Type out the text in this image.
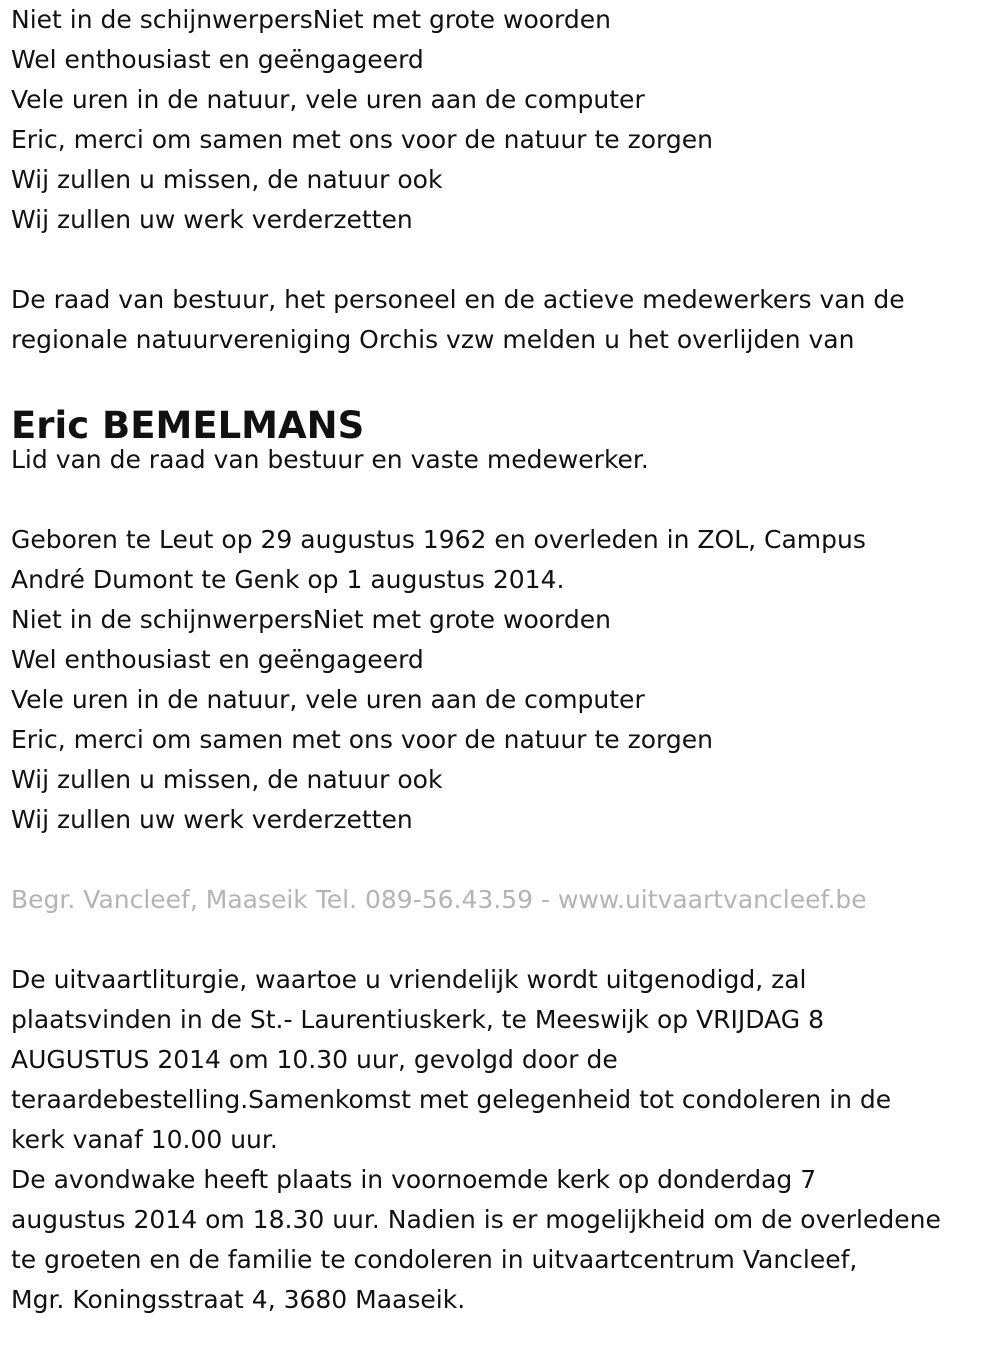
Niet in de schijnwerpersNiet met grote woorden
Wel enthousiast en geëngageerd
Vele uren in de natuur, vele uren aan de computer
Eric, merci om samen met ons voor de natuur te zorgen
Wij zullen u missen, de natuur ook
Wij zullen uw werk verderzetten
De raad van bestuur, het personeel en de actieve medewerkers van de
regionale natuurvereniging Orchis vzw melden u het overlijden van
Eric BEMELMANS
Lid van de raad van bestuur en vaste medewerker.
Geboren te Leut op 29 augustus 1962 en overleden in ZOL, Campus
André Dumont te Genk op 1 augustus 2014.
Niet in de schijnwerpersNiet met grote woorden
Wel enthousiast en geëngageerd
Vele uren in de natuur, vele uren aan de computer
Eric, merci om samen met ons voor de natuur te zorgen
Wij zullen u missen, de natuur ook
Wij zullen uw werk verderzetten
Begr. Vancleef, Maaseik Tel. 089-56.43.59 - www.uitvaartvancleef.be
De uitvaartliturgie, waartoe u vriendelijk wordt uitgenodigd, zal
plaatsvinden in de St.- Laurentiuskerk, te Meeswijk op VRIJDAG 8
AUGUSTUS 2014 om 10.30 uur, gevolgd door de
teraardebestelling.Samenkomst met gelegenheid tot condoleren in de
kerk vanaf 10.00 uur.
De avondwake heeft plaats in voornoemde kerk op donderdag 7
augustus 2014 om 18.30 uur. Nadien is er mogelijkheid om de overledene
te groeten en de familie te condoleren in uitvaartcentrum Vancleef,
Mgr. Koningsstraat 4, 3680 Maaseik.
